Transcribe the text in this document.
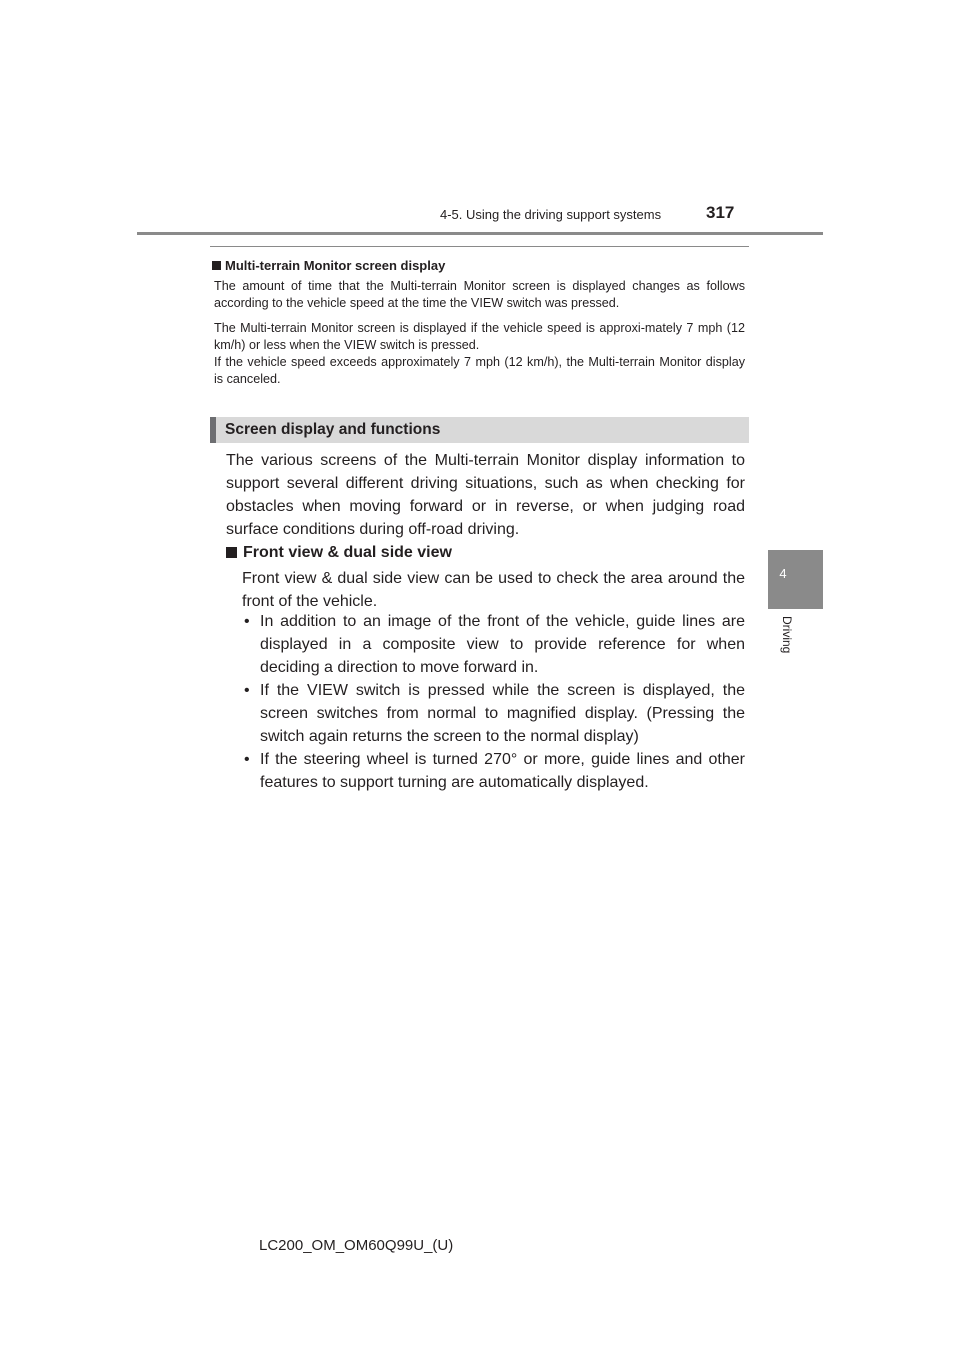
4-5. Using the driving support systems	317
4
Driving
Multi-terrain Monitor screen display

The amount of time that the Multi-terrain Monitor screen is displayed changes as follows according to the vehicle speed at the time the VIEW switch was pressed.

The Multi-terrain Monitor screen is displayed if the vehicle speed is approxi-mately 7 mph (12 km/h) or less when the VIEW switch is pressed.

If the vehicle speed exceeds approximately 7 mph (12 km/h), the Multi-terrain Monitor display is canceled.

Screen display and functions

The various screens of the Multi-terrain Monitor display information to support several different driving situations, such as when checking for obstacles when moving forward or in reverse, or when judging road surface conditions during off-road driving.

Front view & dual side view

Front view & dual side view can be used to check the area around the front of the vehicle.

• In addition to an image of the front of the vehicle, guide lines are displayed in a composite view to provide reference for when deciding a direction to move forward in.
• If the VIEW switch is pressed while the screen is displayed, the screen switches from normal to magnified display. (Pressing the switch again returns the screen to the normal display)
• If the steering wheel is turned 270° or more, guide lines and other features to support turning are automatically displayed.
LC200_OM_OM60Q99U_(U)
